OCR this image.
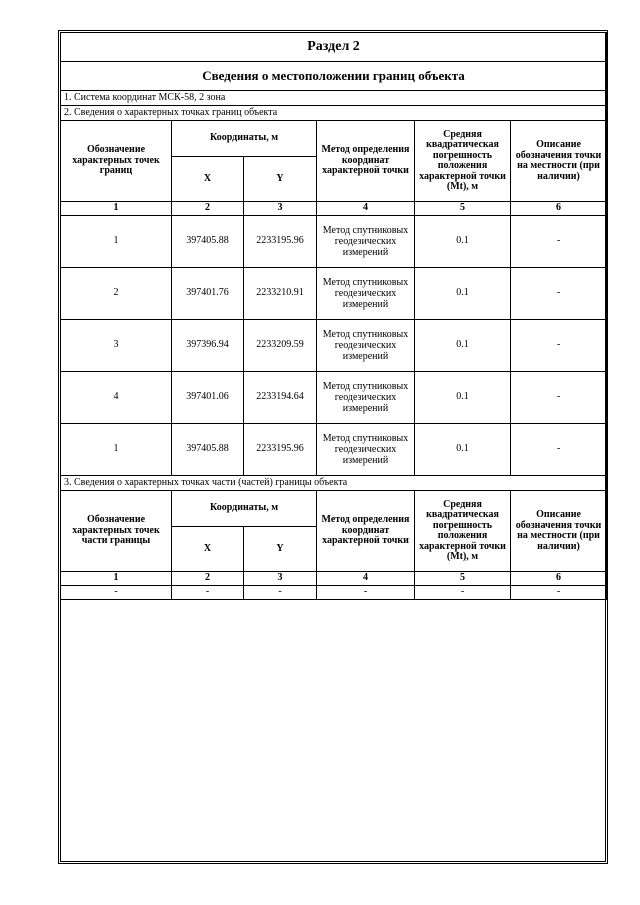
Раздел 2					
Сведения о местоположении границ объекта					
1. Система координат МСК-58, 2 зона					
2. Сведения о характерных точках границ объекта					
Обозначение характерных точек границ	Координаты, м		Метод определения координат характерной точки	Средняя квадратическая погрешность положения характерной точки (Mt), м	Описание обозначения точки на местности (при наличии)
	X	Y			
1	2	3	4	5	6
1	397405.88	2233195.96	Метод спутниковых геодезических измерений	0.1	-
2	397401.76	2233210.91	Метод спутниковых геодезических измерений	0.1	-
3	397396.94	2233209.59	Метод спутниковых геодезических измерений	0.1	-
4	397401.06	2233194.64	Метод спутниковых геодезических измерений	0.1	-
1	397405.88	2233195.96	Метод спутниковых геодезических измерений	0.1	-
3. Сведения о характерных точках части (частей) границы объекта					
Обозначение характерных точек части границы	Координаты, м		Метод определения координат характерной точки	Средняя квадратическая погрешность положения характерной точки (Mt), м	Описание обозначения точки на местности (при наличии)
	X	Y			
1	2	3	4	5	6
-	-	-	-	-	-
